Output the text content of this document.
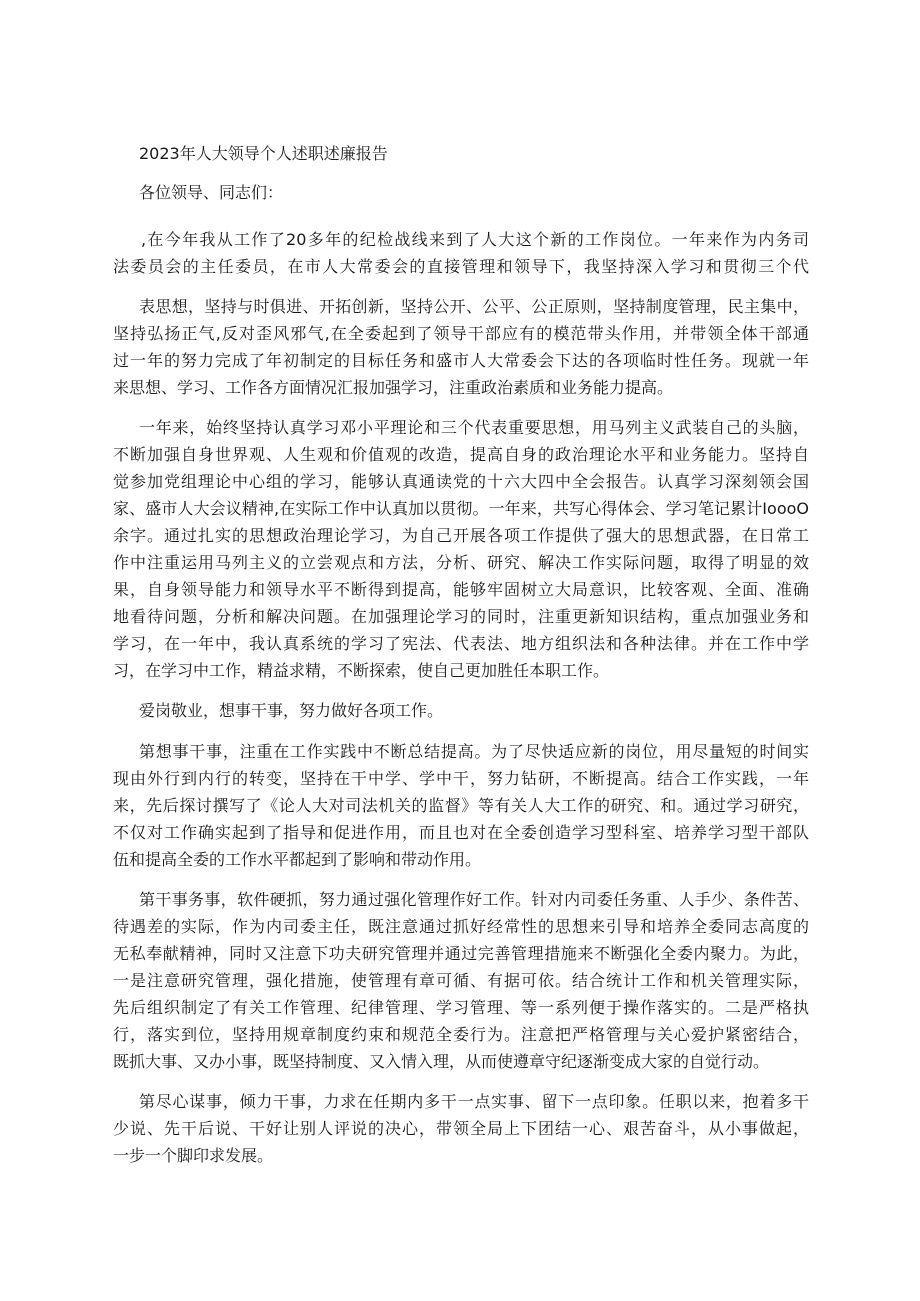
2023年人大领导个人述职述廉报告

各位领导、同志们：

,在今年我从工作了20多年的纪检战线来到了人大这个新的工作岗位。一年来作为内务司

法委员会的主任委员，在市人大常委会的直接管理和领导下，我坚持深入学习和贯彻三个代

表思想，坚持与时俱进、开拓创新，坚持公开、公平、公正原则，坚持制度管理，民主集中，

坚持弘扬正气,反对歪风邪气,在全委起到了领导干部应有的模范带头作用，并带领全体干部通

过一年的努力完成了年初制定的目标任务和盛市人大常委会下达的各项临时性任务。现就一年

来思想、学习、工作各方面情况汇报加强学习，注重政治素质和业务能力提高。

一年来，始终坚持认真学习邓小平理论和三个代表重要思想，用马列主义武装自己的头脑，

不断加强自身世界观、人生观和价值观的改造，提高自身的政治理论水平和业务能力。坚持自

觉参加党组理论中心组的学习，能够认真通读党的十六大四中全会报告。认真学习深刻领会国

家、盛市人大会议精神,在实际工作中认真加以贯彻。一年来，共写心得体会、学习笔记累计IoooO

余字。通过扎实的思想政治理论学习，为自己开展各项工作提供了强大的思想武器，在日常工

作中注重运用马列主义的立尝观点和方法，分析、研究、解决工作实际问题，取得了明显的效

果，自身领导能力和领导水平不断得到提高，能够牢固树立大局意识，比较客观、全面、准确

地看待问题，分析和解决问题。在加强理论学习的同时，注重更新知识结构，重点加强业务和

学习，在一年中，我认真系统的学习了宪法、代表法、地方组织法和各种法律。并在工作中学

习，在学习中工作，精益求精，不断探索，使自己更加胜任本职工作。

爱岗敬业，想事干事，努力做好各项工作。

第想事干事，注重在工作实践中不断总结提高。为了尽快适应新的岗位，用尽量短的时间实

现由外行到内行的转变，坚持在干中学、学中干，努力钻研，不断提高。结合工作实践，一年

来，先后探讨撰写了《论人大对司法机关的监督》等有关人大工作的研究、和。通过学习研究，

不仅对工作确实起到了指导和促进作用，而且也对在全委创造学习型科室、培养学习型干部队

伍和提高全委的工作水平都起到了影响和带动作用。

第干事务事，软件硬抓，努力通过强化管理作好工作。针对内司委任务重、人手少、条件苦、

待遇差的实际，作为内司委主任，既注意通过抓好经常性的思想来引导和培养全委同志高度的

无私奉献精神，同时又注意下功夫研究管理并通过完善管理措施来不断强化全委内聚力。为此，

一是注意研究管理，强化措施，使管理有章可循、有据可依。结合统计工作和机关管理实际，

先后组织制定了有关工作管理、纪律管理、学习管理、等一系列便于操作落实的。二是严格执

行，落实到位，坚持用规章制度约束和规范全委行为。注意把严格管理与关心爱护紧密结合，

既抓大事、又办小事，既坚持制度、又入情入理，从而使遵章守纪逐渐变成大家的自觉行动。

第尽心谋事，倾力干事，力求在任期内多干一点实事、留下一点印象。任职以来，抱着多干

少说、先干后说、干好让别人评说的决心，带领全局上下团结一心、艰苦奋斗，从小事做起，

一步一个脚印求发展。
